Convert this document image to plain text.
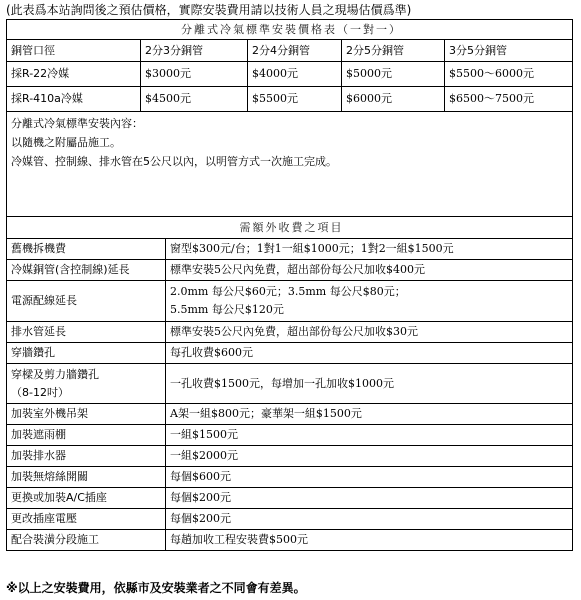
(此表爲本站詢問後之預估價格，實際安裝費用請以技術人員之現場估價爲準)
分離式冷氣標準安裝價格表（一對一）				
銅管口徑	2分3分銅管	2分4分銅管	2分5分銅管	3分5分銅管
採R-22冷媒	$3000元	$4000元	$5000元	$5500～6000元
採R-410a冷媒	$4500元	$5500元	$6000元	$6500～7500元

分離式冷氣標準安裝內容：
以隨機之附屬品施工。
冷媒管、控制線、排水管在5公尺以內，以明管方式一次施工完成。				
需額外收費之項目	

舊機拆機費	窗型$300元/台；1對1一組$1000元；1對2一組$1500元

冷媒銅管(含控制線)延長	標準安裝5公尺內免費，超出部份每公尺加收$400元

電源配線延長	2.0mm 每公尺$60元；3.5mm 每公尺$80元；
5.5mm 每公尺$120元

排水管延長	標準安裝5公尺內免費，超出部份每公尺加收$30元

穿牆鑽孔	每孔收費$600元

穿樑及剪力牆鑽孔
（8-12吋）	一孔收費$1500元，每增加一孔加收$1000元

加裝室外機吊架	A架一組$800元；豪華架一組$1500元

加裝遮雨棚	一組$1500元

加裝排水器	一組$2000元

加裝無熔絲開關	每個$600元

更換或加裝A/C插座	每個$200元

更改插座電壓	每個$200元

配合裝潢分段施工	每趟加收工程安裝費$500元
※以上之安裝費用，依縣市及安裝業者之不同會有差異。
